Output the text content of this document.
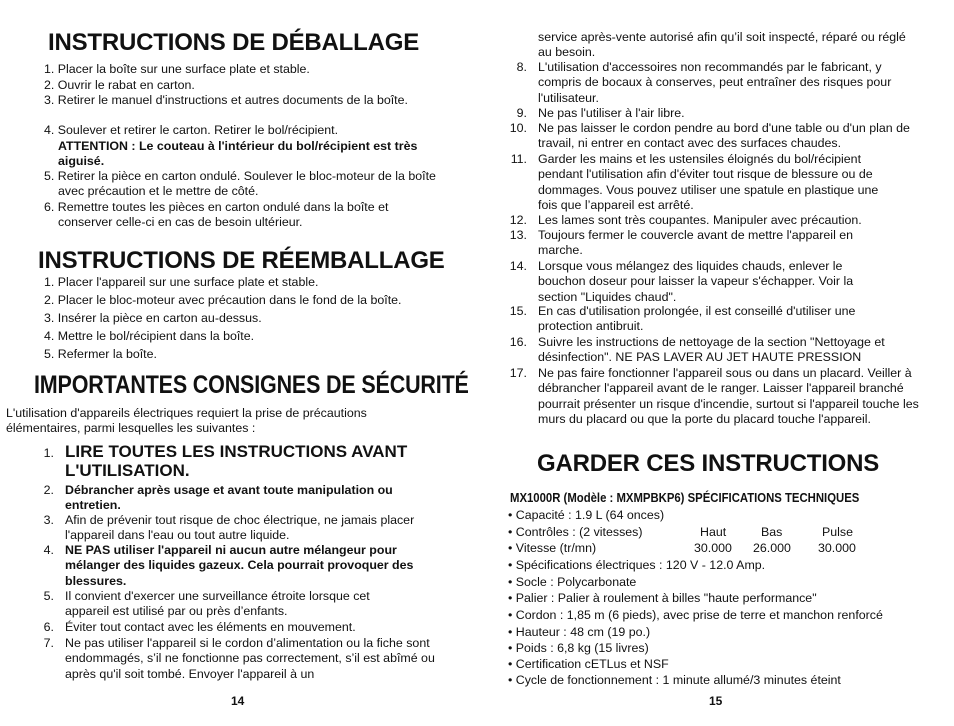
INSTRUCTIONS DE DÉBALLAGE
1. Placer la boîte sur une surface plate et stable.
2. Ouvrir le rabat en carton.
3. Retirer le manuel d'instructions et autres documents de la boîte.
4. Soulever et retirer le carton. Retirer le bol/récipient.
ATTENTION : Le couteau à l'intérieur du bol/récipient est très aiguisé.
5. Retirer la pièce en carton ondulé. Soulever le bloc-moteur de la boîte avec précaution et le mettre de côté.
6. Remettre toutes les pièces en carton ondulé dans la boîte et conserver celle-ci en cas de besoin ultérieur.
INSTRUCTIONS DE RÉEMBALLAGE
1. Placer l'appareil sur une surface plate et stable.
2. Placer le bloc-moteur avec précaution dans le fond de la boîte.
3. Insérer la pièce en carton au-dessus.
4. Mettre le bol/récipient dans la boîte.
5. Refermer la boîte.
IMPORTANTES CONSIGNES DE SÉCURITÉ
L'utilisation d'appareils électriques requiert la prise de précautions élémentaires, parmi lesquelles les suivantes :
1. LIRE TOUTES LES INSTRUCTIONS AVANT L'UTILISATION.
2. Débrancher après usage et avant toute manipulation ou entretien.
3. Afin de prévenir tout risque de choc électrique, ne jamais placer l'appareil dans l'eau ou tout autre liquide.
4. NE PAS utiliser l'appareil ni aucun autre mélangeur pour mélanger des liquides gazeux. Cela pourrait provoquer des blessures.
5. Il convient d'exercer une surveillance étroite lorsque cet appareil est utilisé par ou près d’enfants.
6. Éviter tout contact avec les éléments en mouvement.
7. Ne pas utiliser l'appareil si le cordon d’alimentation ou la fiche sont endommagés, s’il ne fonctionne pas correctement, s’il est abîmé ou après qu'il soit tombé. Envoyer l'appareil à un
14
service après-vente autorisé afin qu’il soit inspecté, réparé ou réglé au besoin.
8. L'utilisation d'accessoires non recommandés par le fabricant, y compris de bocaux à conserves, peut entraîner des risques pour l'utilisateur.
9. Ne pas l'utiliser à l'air libre.
10. Ne pas laisser le cordon pendre au bord d'une table ou d'un plan de travail, ni entrer en contact avec des surfaces chaudes.
11. Garder les mains et les ustensiles éloignés du bol/récipient pendant l'utilisation afin d'éviter tout risque de blessure ou de dommages. Vous pouvez utiliser une spatule en plastique une fois que l’appareil est arrêté.
12. Les lames sont très coupantes. Manipuler avec précaution.
13. Toujours fermer le couvercle avant de mettre l'appareil en marche.
14. Lorsque vous mélangez des liquides chauds, enlever le bouchon doseur pour laisser la vapeur s'échapper. Voir la section "Liquides chaud".
15. En cas d'utilisation prolongée, il est conseillé d'utiliser une protection antibruit.
16. Suivre les instructions de nettoyage de la section "Nettoyage et désinfection". NE PAS LAVER AU JET HAUTE PRESSION
17. Ne pas faire fonctionner l'appareil sous ou dans un placard. Veiller à débrancher l'appareil avant de le ranger. Laisser l'appareil branché pourrait présenter un risque d'incendie, surtout si l'appareil touche les murs du placard ou que la porte du placard touche l'appareil.
GARDER CES INSTRUCTIONS
MX1000R (Modèle : MXMPBKP6) SPÉCIFICATIONS TECHNIQUES
• Capacité : 1.9 L (64 onces)
• Contrôles : (2 vitesses)	Haut	Bas	Pulse
• Vitesse (tr/mn)	30.000 26.000 30.000
• Spécifications électriques : 120 V - 12.0 Amp.
• Socle : Polycarbonate
• Palier : Palier à roulement à billes "haute performance"
• Cordon : 1,85 m (6 pieds), avec prise de terre et manchon renforcé
• Hauteur : 48 cm (19 po.)
• Poids : 6,8 kg (15 livres)
• Certification cETLus et NSF
• Cycle de fonctionnement : 1 minute allumé/3 minutes éteint
15
